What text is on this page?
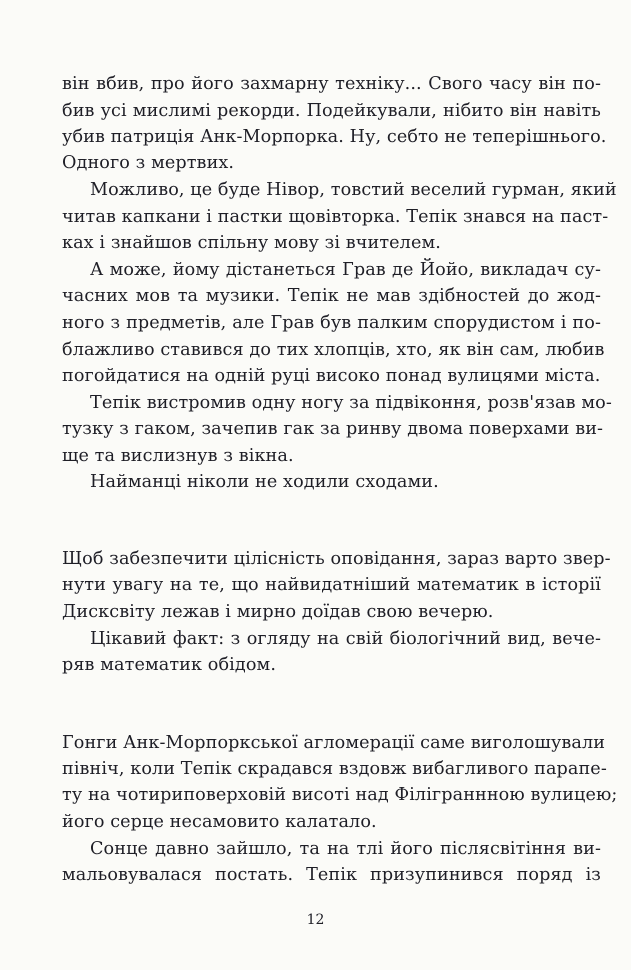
він вбив, про його захмарну техніку... Свого часу він по-
бив усі мислимі рекорди. Подейкували, нібито він навіть
убив патриція Анк-Морпорка. Ну, себто не теперішнього.
Одного з мертвих.
Можливо, це буде Нівор, товстий веселий гурман, який
читав капкани і пастки щовівторка. Тепік знався на паст-
ках і знайшов спільну мову зі вчителем.
А може, йому дістанеться Грав де Йойо, викладач су-
часних мов та музики. Тепік не мав здібностей до жод-
ного з предметів, але Грав був палким спорудистом і по-
блажливо ставився до тих хлопців, хто, як він сам, любив
погойдатися на одній руці високо понад вулицями міста.
Тепік вистромив одну ногу за підвіконня, розв'язав мо-
тузку з гаком, зачепив гак за ринву двома поверхами ви-
ще та вислизнув з вікна.
Найманці ніколи не ходили сходами.
Щоб забезпечити цілісність оповідання, зараз варто звер-
нути увагу на те, що найвидатніший математик в історії
Дисксвіту лежав і мирно доїдав свою вечерю.
Цікавий факт: з огляду на свій біологічний вид, вече-
ряв математик обідом.
Гонги Анк-Морпоркської агломерації саме виголошували
північ, коли Тепік скрадався вздовж вибагливого парапе-
ту на чотириповерховій висоті над Філіграннною вулицею;
його серце несамовито калатало.
Сонце давно зайшло, та на тлі його післясвітіння ви-
мальовувалася постать. Тепік призупинився поряд із
12
